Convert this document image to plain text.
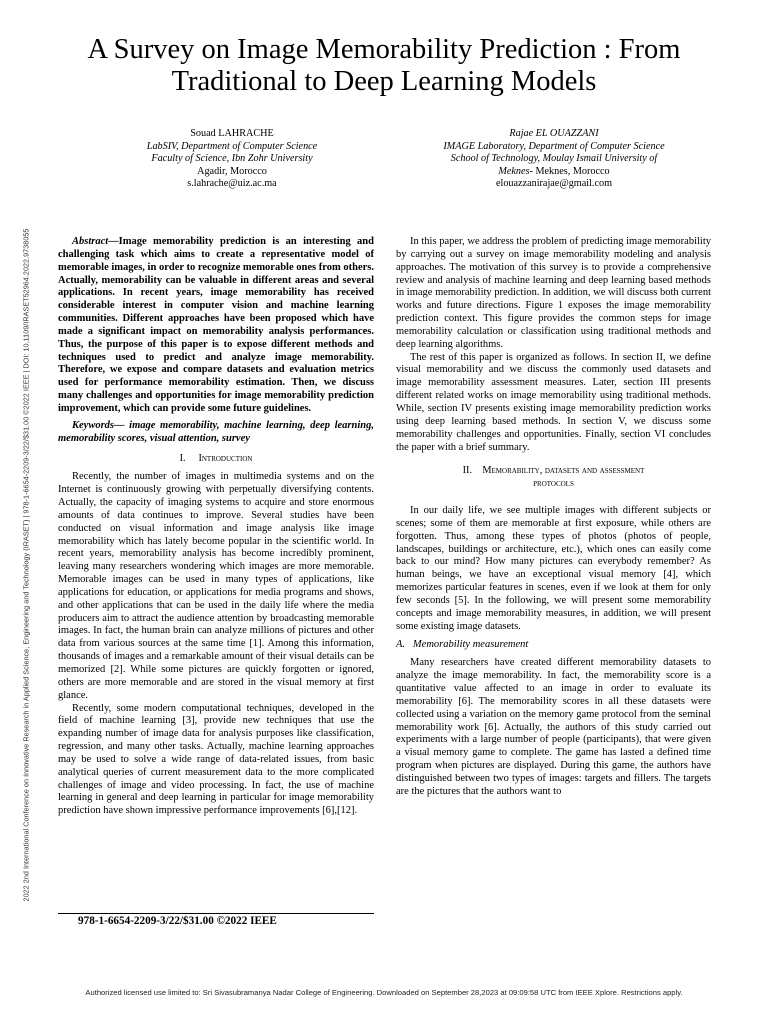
A Survey on Image Memorability Prediction : From
Traditional to Deep Learning Models
Souad LAHRACHE
LabSIV, Department of Computer Science
Faculty of Science, Ibn Zohr University
Agadir, Morocco
s.lahrache@uiz.ac.ma
Rajae EL OUAZZANI
IMAGE Laboratory, Department of Computer Science
School of Technology, Moulay Ismail University of
Meknes- Meknes, Morocco
elouazzanirajae@gmail.com

Abstract—Image memorability prediction is an interesting and challenging task which aims to create a representative model of memorable images, in order to recognize memorable ones from others. Actually, memorability can be valuable in different areas and several applications. In recent years, image memorability has received considerable interest in computer vision and machine learning communities. Different approaches have been proposed which have made a significant impact on memorability analysis performances. Thus, the purpose of this paper is to expose different methods and techniques used to predict and analyze image memorability. Therefore, we expose and compare datasets and evaluation metrics used for performance memorability estimation. Then, we discuss many challenges and opportunities for image memorability prediction improvement, which can provide some future guidelines.

Keywords— image memorability, machine learning, deep learning, memorability scores, visual attention, survey

I. Introduction

Recently, the number of images in multimedia systems and on the Internet is continuously growing with perpetually diversifying contents. Actually, the capacity of imaging systems to acquire and store enormous amounts of data continues to improve. Several studies have been conducted on visual information and image analysis like image memorability which has lately become popular in the scientific world. In recent years, memorability analysis has become incredibly prominent, leaving many researchers wondering which images are more memorable. Memorable images can be used in many types of applications, like applications for education, or applications for media programs and shows, and other applications that can be used in the daily life where the media producers aim to attract the audience attention by broadcasting memorable images. In fact, the human brain can analyze millions of pictures and other data from various sources at the same time [1]. Among this information, thousands of images and a remarkable amount of their visual details can be memorized [2]. While some pictures are quickly forgotten or ignored, others are more memorable and are stored in the visual memory at first glance.

Recently, some modern computational techniques, developed in the field of machine learning [3], provide new techniques that use the expanding number of image data for analysis purposes like classification, regression, and many other tasks. Actually, machine learning approaches may be used to solve a wide range of data-related issues, from basic analytical queries of current measurement data to the more complicated challenges of image and video processing. In fact, the use of machine learning in general and deep learning in particular for image memorability prediction have shown impressive performance improvements [6],[12].

978-1-6654-2209-3/22/$31.00 ©2022 IEEE

In this paper, we address the problem of predicting image memorability by carrying out a survey on image memorability modeling and analysis approaches. The motivation of this survey is to provide a comprehensive review and analysis of machine learning and deep learning based methods in image memorability prediction. In addition, we will discuss both current works and future directions. Figure 1 exposes the image memorability prediction context. This figure provides the common steps for image memorability calculation or classification using traditional methods and deep learning algorithms.

The rest of this paper is organized as follows. In section II, we define visual memorability and we discuss the commonly used datasets and image memorability assessment measures. Later, section III presents different related works on image memorability using traditional methods. While, section IV presents existing image memorability prediction works using deep learning based methods. In section V, we discuss some memorability challenges and opportunities. Finally, section VI concludes the paper with a brief summary.

II. Memorability, datasets and assessment
protocols

In our daily life, we see multiple images with different subjects or scenes; some of them are memorable at first exposure, while others are forgotten. Thus, among these types of photos (photos of people, landscapes, buildings or architecture, etc.), which ones can easily come back to our mind? How many pictures can everybody remember? As human beings, we have an exceptional visual memory [4], which memorizes particular features in scenes, even if we look at them for only few seconds [5]. In the following, we will present some memorability concepts and image memorability measures, in addition, we will present some existing image datasets.

A. Memorability measurement

Many researchers have created different memorability datasets to analyze the image memorability. In fact, the memorability score is a quantitative value affected to an image in order to evaluate its memorability [6]. The memorability scores in all these datasets were collected using a variation on the memory game protocol from the seminal memorability work [6]. Actually, the authors of this study carried out experiments with a large number of people (participants), that were given a visual memory game to complete. The game has lasted a defined time program when pictures are displayed. During this game, the authors have distinguished between two types of images: targets and fillers. The targets are the pictures that the authors want to

2022 2nd International Conference on Innovative Research in Applied Science, Engineering and Technology (IRASET) | 978-1-6654-2209-3/22/$31.00 ©2022 IEEE | DOI: 10.1109/IRASET52964.2022.9738055
Authorized licensed use limited to: Sri Sivasubramanya Nadar College of Engineering. Downloaded on September 28,2023 at 09:09:58 UTC from IEEE Xplore. Restrictions apply.
